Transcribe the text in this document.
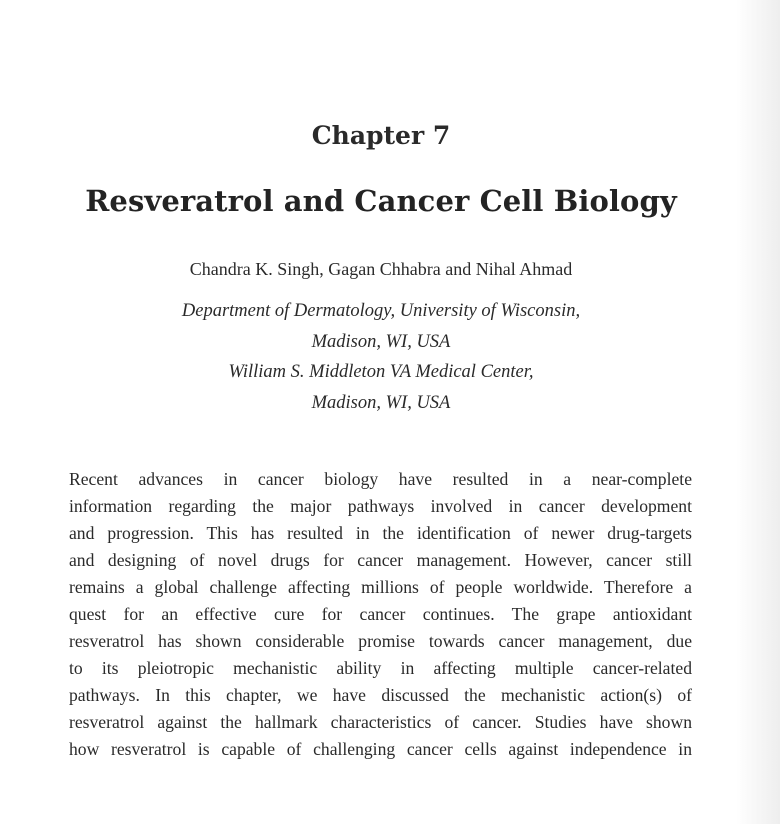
Chapter 7
Resveratrol and Cancer Cell Biology
Chandra K. Singh, Gagan Chhabra and Nihal Ahmad
Department of Dermatology, University of Wisconsin,
Madison, WI, USA
William S. Middleton VA Medical Center,
Madison, WI, USA
Recent advances in cancer biology have resulted in a near-complete
information regarding the major pathways involved in cancer development
and progression. This has resulted in the identification of newer drug-targets
and designing of novel drugs for cancer management. However, cancer still
remains a global challenge affecting millions of people worldwide. Therefore a
quest for an effective cure for cancer continues. The grape antioxidant
resveratrol has shown considerable promise towards cancer management, due
to its pleiotropic mechanistic ability in affecting multiple cancer-related
pathways. In this chapter, we have discussed the mechanistic action(s) of
resveratrol against the hallmark characteristics of cancer. Studies have shown
how resveratrol is capable of challenging cancer cells against independence in
